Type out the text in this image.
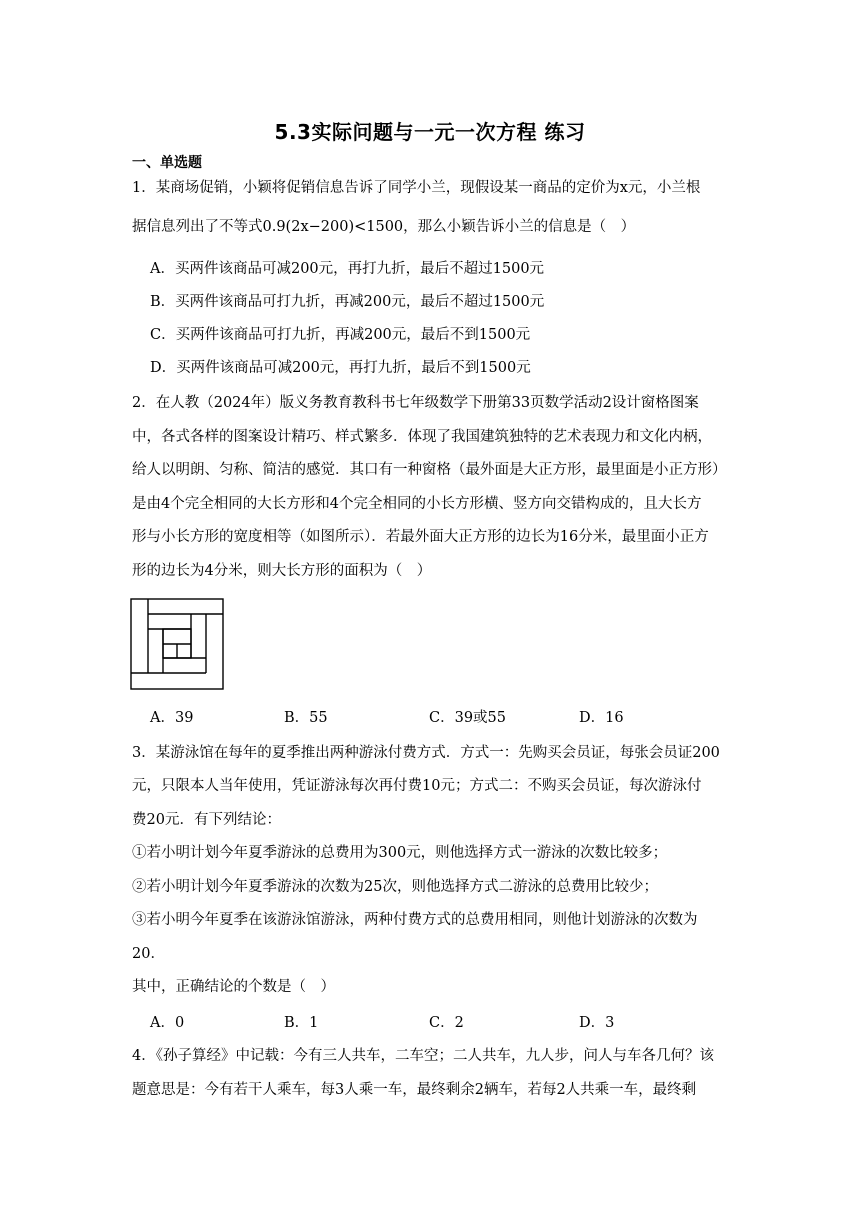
5.3实际问题与一元一次方程 练习
一、单选题
1．某商场促销，小颖将促销信息告诉了同学小兰，现假设某一商品的定价为x元，小兰根
据信息列出了不等式0.9(2x−200)<1500，那么小颖告诉小兰的信息是（　）
A．买两件该商品可减200元，再打九折，最后不超过1500元
B．买两件该商品可打九折，再减200元，最后不超过1500元
C．买两件该商品可打九折，再减200元，最后不到1500元
D．买两件该商品可减200元，再打九折，最后不到1500元
2．在人教（2024年）版义务教育教科书七年级数学下册第33页数学活动2设计窗格图案
中，各式各样的图案设计精巧、样式繁多．体现了我国建筑独特的艺术表现力和文化内柄，
给人以明朗、匀称、简洁的感觉．其口有一种窗格（最外面是大正方形，最里面是小正方形）
是由4个完全相同的大长方形和4个完全相同的小长方形横、竖方向交错构成的，且大长方
形与小长方形的宽度相等（如图所示）．若最外面大正方形的边长为16分米，最里面小正方
形的边长为4分米，则大长方形的面积为（　）
A．39	B．55	C．39或55	D．16
3．某游泳馆在每年的夏季推出两种游泳付费方式．方式一：先购买会员证，每张会员证200
元，只限本人当年使用，凭证游泳每次再付费10元；方式二：不购买会员证，每次游泳付
费20元．有下列结论：
①若小明计划今年夏季游泳的总费用为300元，则他选择方式一游泳的次数比较多；
②若小明计划今年夏季游泳的次数为25次，则他选择方式二游泳的总费用比较少；
③若小明今年夏季在该游泳馆游泳，两种付费方式的总费用相同，则他计划游泳的次数为
20．
其中，正确结论的个数是（　）
A．0	B．1	C．2	D．3
4．《孙子算经》中记载：今有三人共车，二车空；二人共车，九人步，问人与车各几何？该
题意思是：今有若干人乘车，每3人乘一车，最终剩余2辆车，若每2人共乘一车，最终剩
